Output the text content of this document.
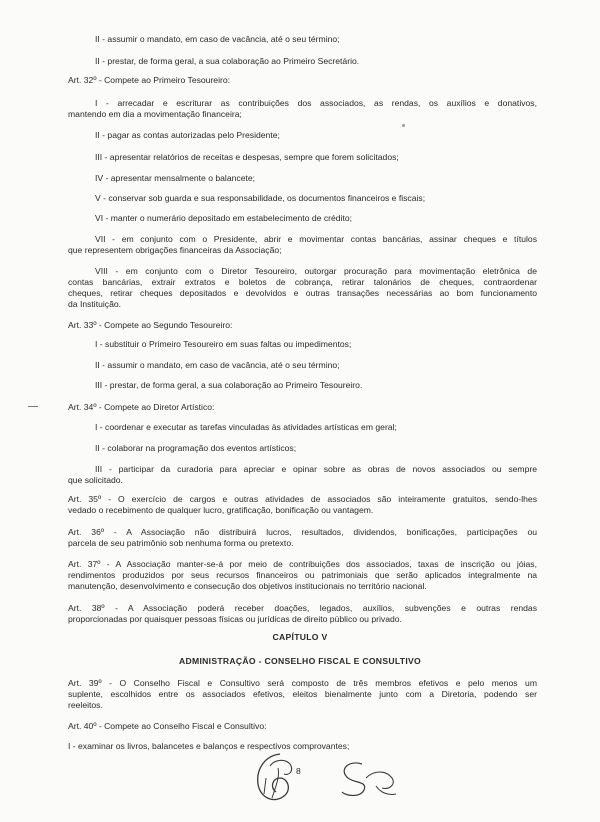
II - assumir o mandato, em caso de vacância, até o seu término;
II - prestar, de forma geral, a sua colaboração ao Primeiro Secretário.
Art. 32º - Compete ao Primeiro Tesoureiro:
I - arrecadar e escriturar as contribuições dos associados, as rendas, os auxílios e donativos,
mantendo em dia a movimentação financeira;
II - pagar as contas autorizadas pelo Presidente;
III - apresentar relatórios de receitas e despesas, sempre que forem solicitados;
IV - apresentar mensalmente o balancete;
V - conservar sob guarda e sua responsabilidade, os documentos financeiros e fiscais;
VI - manter o numerário depositado em estabelecimento de crédito;
VII - em conjunto com o Presidente, abrir e movimentar contas bancárias, assinar cheques e títulos
que representem obrigações financeiras da Associação;
VIII - em conjunto com o Diretor Tesoureiro, outorgar procuração para movimentação eletrônica de
contas bancárias, extrair extratos e boletos de cobrança, retirar talonários de cheques, contraordenar
cheques, retirar cheques depositados e devolvidos e outras transações necessárias ao bom funcionamento
da Instituição.
Art. 33º - Compete ao Segundo Tesoureiro:
I - substituir o Primeiro Tesoureiro em suas faltas ou impedimentos;
II - assumir o mandato, em caso de vacância, até o seu término;
III - prestar, de forma geral, a sua colaboração ao Primeiro Tesoureiro.
Art. 34º - Compete ao Diretor Artístico:
I - coordenar e executar as tarefas vinculadas às atividades artísticas em geral;
II - colaborar na programação dos eventos artísticos;
III - participar da curadoria para apreciar e opinar sobre as obras de novos associados ou sempre
que solicitado.
Art. 35º - O exercício de cargos e outras atividades de associados são inteiramente gratuitos, sendo-lhes
vedado o recebimento de qualquer lucro, gratificação, bonificação ou vantagem.
Art. 36º - A Associação não distribuirá lucros, resultados, dividendos, bonificações, participações ou
parcela de seu patrimônio sob nenhuma forma ou pretexto.
Art. 37º - A Associação manter-se-á por meio de contribuições dos associados, taxas de inscrição ou jóias,
rendimentos produzidos por seus recursos financeiros ou patrimoniais que serão aplicados integralmente na
manutenção, desenvolvimento e consecução dos objetivos institucionais no território nacional.
Art. 38º - A Associação poderá receber doações, legados, auxílios, subvenções e outras rendas
proporcionadas por quaisquer pessoas físicas ou jurídicas de direito público ou privado.
CAPÍTULO V
ADMINISTRAÇÃO - CONSELHO FISCAL E CONSULTIVO
Art. 39º - O Conselho Fiscal e Consultivo será composto de três membros efetivos e pelo menos um
suplente, escolhidos entre os associados efetivos, eleitos bienalmente junto com a Diretoria, podendo ser
reeleitos.
Art. 40º - Compete ao Conselho Fiscal e Consultivo:
I - examinar os livros, balancetes e balanços e respectivos comprovantes;
8
